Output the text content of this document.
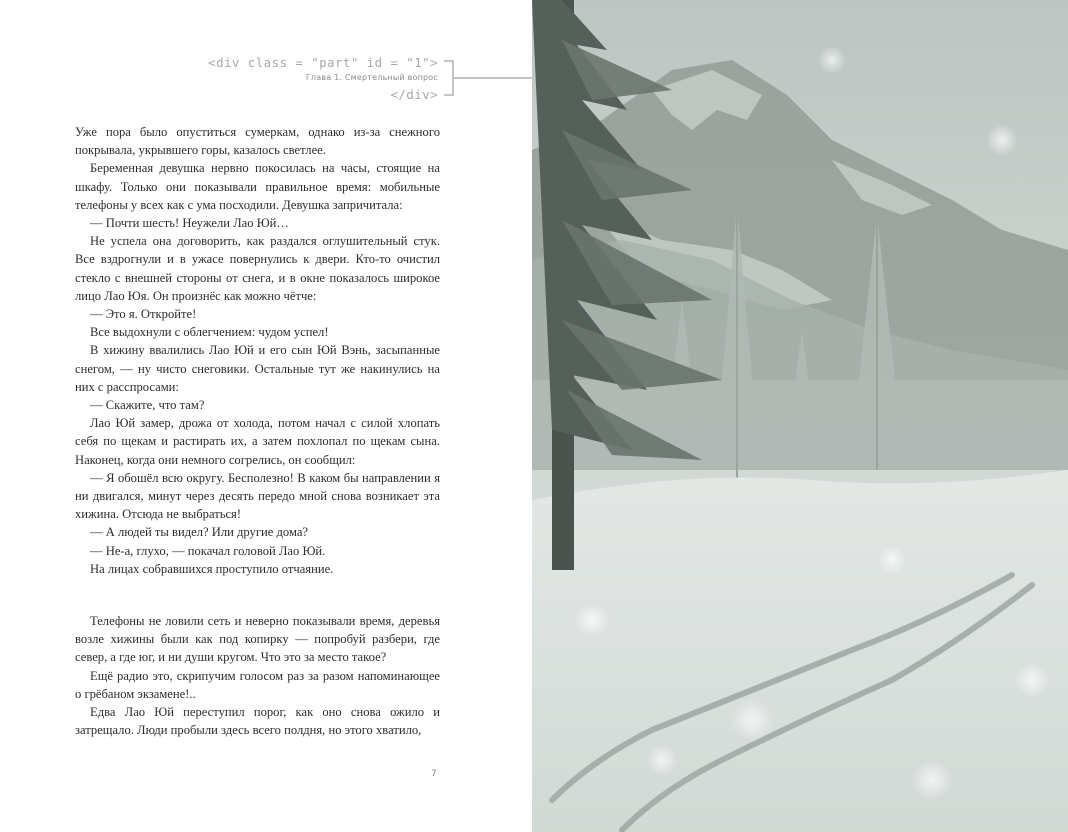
<div class = "part" id = "1">
Глава 1. Смертельный вопрос
</div>

Уже пора было опуститься сумеркам, однако из-за снежного покрывала, укрывшего горы, казалось светлее.

Беременная девушка нервно покосилась на часы, стоящие на шкафу. Только они показывали правильное время: мобильные телефоны у всех как с ума посходили. Девушка запричитала:

— Почти шесть! Неужели Лао Юй…

Не успела она договорить, как раздался оглушительный стук. Все вздрогнули и в ужасе повернулись к двери. Кто-то очистил стекло с внешней стороны от снега, и в окне показалось широкое лицо Лао Юя. Он произнёс как можно чётче:

— Это я. Откройте!

Все выдохнули с облегчением: чудом успел!

В хижину ввалились Лао Юй и его сын Юй Вэнь, засыпанные снегом, — ну чисто снеговики. Остальные тут же накинулись на них с расспросами:

— Скажите, что там?

Лао Юй замер, дрожа от холода, потом начал с силой хлопать себя по щекам и растирать их, а затем похлопал по щекам сына. Наконец, когда они немного согрелись, он сообщил:

— Я обошёл всю округу. Бесполезно! В каком бы направлении я ни двигался, минут через десять передо мной снова возникает эта хижина. Отсюда не выбраться!

— А людей ты видел? Или другие дома?

— Не-а, глухо, — покачал головой Лао Юй.

На лицах собравшихся проступило отчаяние.

Телефоны не ловили сеть и неверно показывали время, деревья возле хижины были как под копирку — попробуй разбери, где север, а где юг, и ни души кругом. Что это за место такое?

Ещё радио это, скрипучим голосом раз за разом напоминающее о грёбаном экзамене!..

Едва Лао Юй переступил порог, как оно снова ожило и затрещало. Люди пробыли здесь всего полдня, но этого хватило,

7
